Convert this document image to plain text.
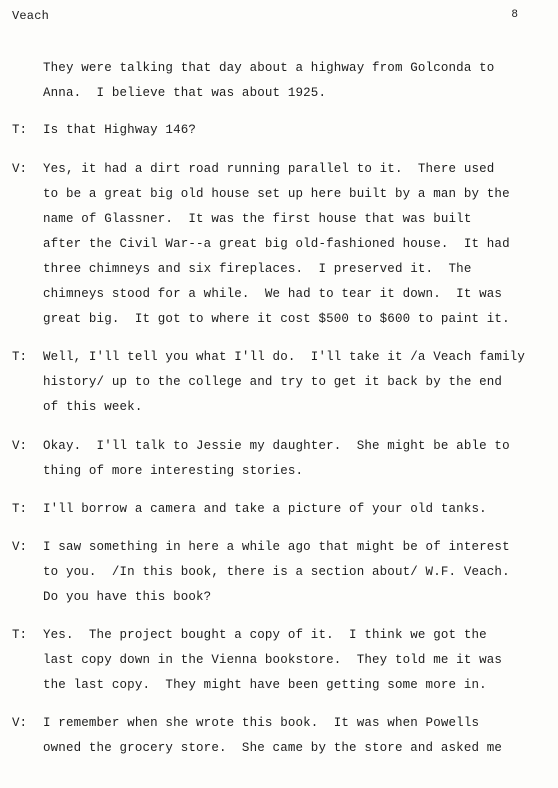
Veach	8
They were talking that day about a highway from Golconda to
Anna.  I believe that was about 1925.
T: Is that Highway 146?
V: Yes, it had a dirt road running parallel to it.  There used
to be a great big old house set up here built by a man by the
name of Glassner.  It was the first house that was built
after the Civil War--a great big old-fashioned house.  It had
three chimneys and six fireplaces.  I preserved it.  The
chimneys stood for a while.  We had to tear it down.  It was
great big.  It got to where it cost $500 to $600 to paint it.
T: Well, I'll tell you what I'll do.  I'll take it /a Veach family
history/ up to the college and try to get it back by the end
of this week.
V: Okay.  I'll talk to Jessie my daughter.  She might be able to
thing of more interesting stories.
T: I'll borrow a camera and take a picture of your old tanks.
V: I saw something in here a while ago that might be of interest
to you.  /In this book, there is a section about/ W.F. Veach.
Do you have this book?
T: Yes.  The project bought a copy of it.  I think we got the
last copy down in the Vienna bookstore.  They told me it was
the last copy.  They might have been getting some more in.
V: I remember when she wrote this book.  It was when Powells
owned the grocery store.  She came by the store and asked me
